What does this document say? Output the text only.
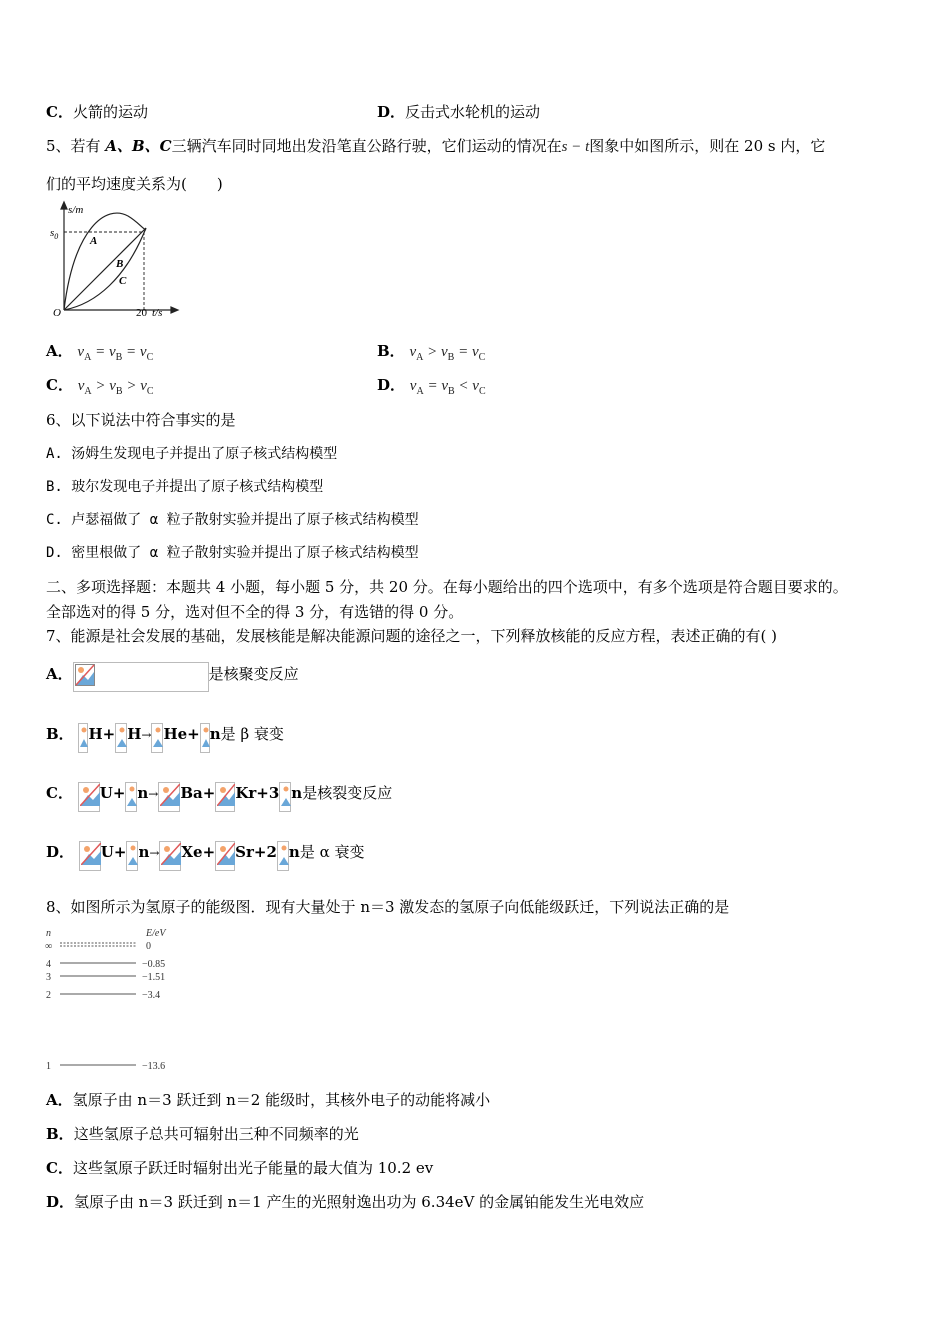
C．火箭的运动	D．反击式水轮机的运动
5、若有 A、B、C三辆汽车同时同地出发沿笔直公路行驶，它们运动的情况在s − t图象中如图所示，则在 20 s 内，它
们的平均速度关系为(　　)
s/m
t/s
$s_0$
O	20
A
B
C
A． $v_A = v_B = v_C$	B． $v_A > v_B = v_C$
C． $v_A > v_B > v_C$	D． $v_A = v_B < v_C$
6、以下说法中符合事实的是
A. 汤姆生发现电子并提出了原子核式结构模型
B. 玻尔发现电子并提出了原子核式结构模型
C. 卢瑟福做了 α 粒子散射实验并提出了原子核式结构模型
D. 密里根做了 α 粒子散射实验并提出了原子核式结构模型
二、多项选择题：本题共 4 小题，每小题 5 分，共 20 分。在每小题给出的四个选项中，有多个选项是符合题目要求的。
全部选对的得 5 分，选对但不全的得 3 分，有选错的得 0 分。
7、能源是社会发展的基础，发展核能是解决能源问题的途径之一，下列释放核能的反应方程，表述正确的有( )
A．	是核聚变反应
B． H+ H→ He+ n是 β 衰变
C． U+ n→ Ba+ Kr+3 n是核裂变反应
D． U+ n→ Xe+ Sr+2 n是 α 衰变
8、如图所示为氢原子的能级图．现有大量处于 n＝3 激发态的氢原子向低能级跃迁，下列说法正确的是
n	E/eV
∞	0
4	−0.85
3	−1.51
2	−3.4
1	−13.6
A．氢原子由 n＝3 跃迁到 n＝2 能级时，其核外电子的动能将减小
B．这些氢原子总共可辐射出三种不同频率的光
C．这些氢原子跃迁时辐射出光子能量的最大值为 10.2 ev
D．氢原子由 n＝3 跃迁到 n＝1 产生的光照射逸出功为 6.34eV 的金属铂能发生光电效应
